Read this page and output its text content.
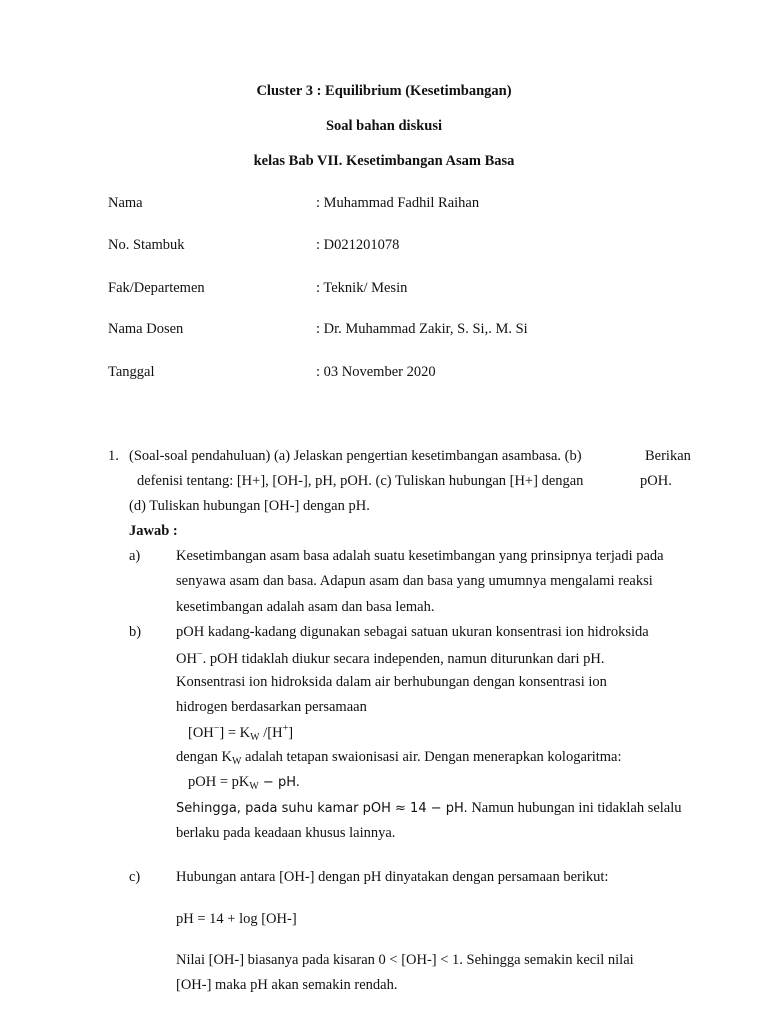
Cluster 3 : Equilibrium (Kesetimbangan)
Soal bahan diskusi
kelas Bab VII. Kesetimbangan Asam Basa
Nama	: Muhammad Fadhil Raihan
No. Stambuk	: D021201078
Fak/Departemen	: Teknik/ Mesin
Nama Dosen	: Dr. Muhammad Zakir, S. Si,. M. Si
Tanggal	: 03 November 2020
1. (Soal-soal pendahuluan) (a) Jelaskan pengertian kesetimbangan asambasa. (b)	Berikan
defenisi tentang: [H+], [OH-], pH, pOH. (c) Tuliskan hubungan [H+] dengan	pOH.
(d) Tuliskan hubungan [OH-] dengan pH.
Jawab :
a) Kesetimbangan asam basa adalah suatu kesetimbangan yang prinsipnya terjadi pada
senyawa asam dan basa. Adapun asam dan basa yang umumnya mengalami reaksi
kesetimbangan adalah asam dan basa lemah.
b) pOH kadang-kadang digunakan sebagai satuan ukuran konsentrasi ion hidroksida
OH−. pOH tidaklah diukur secara independen, namun diturunkan dari pH.
Konsentrasi ion hidroksida dalam air berhubungan dengan konsentrasi ion
hidrogen berdasarkan persamaan
$[OH^-] = K_W$ /[H+]
dengan $K_W$ adalah tetapan swaionisasi air. Dengan menerapkan kologaritma:
pOH = $pK_W$ − pH.
Sehingga, pada suhu kamar pOH ≈ 14 − pH. Namun hubungan ini tidaklah selalu
berlaku pada keadaan khusus lainnya.
c) Hubungan antara [OH-] dengan pH dinyatakan dengan persamaan berikut:
pH = 14 + log [OH-]
Nilai [OH-] biasanya pada kisaran 0 < [OH-] < 1. Sehingga semakin kecil nilai
[OH-] maka pH akan semakin rendah.
